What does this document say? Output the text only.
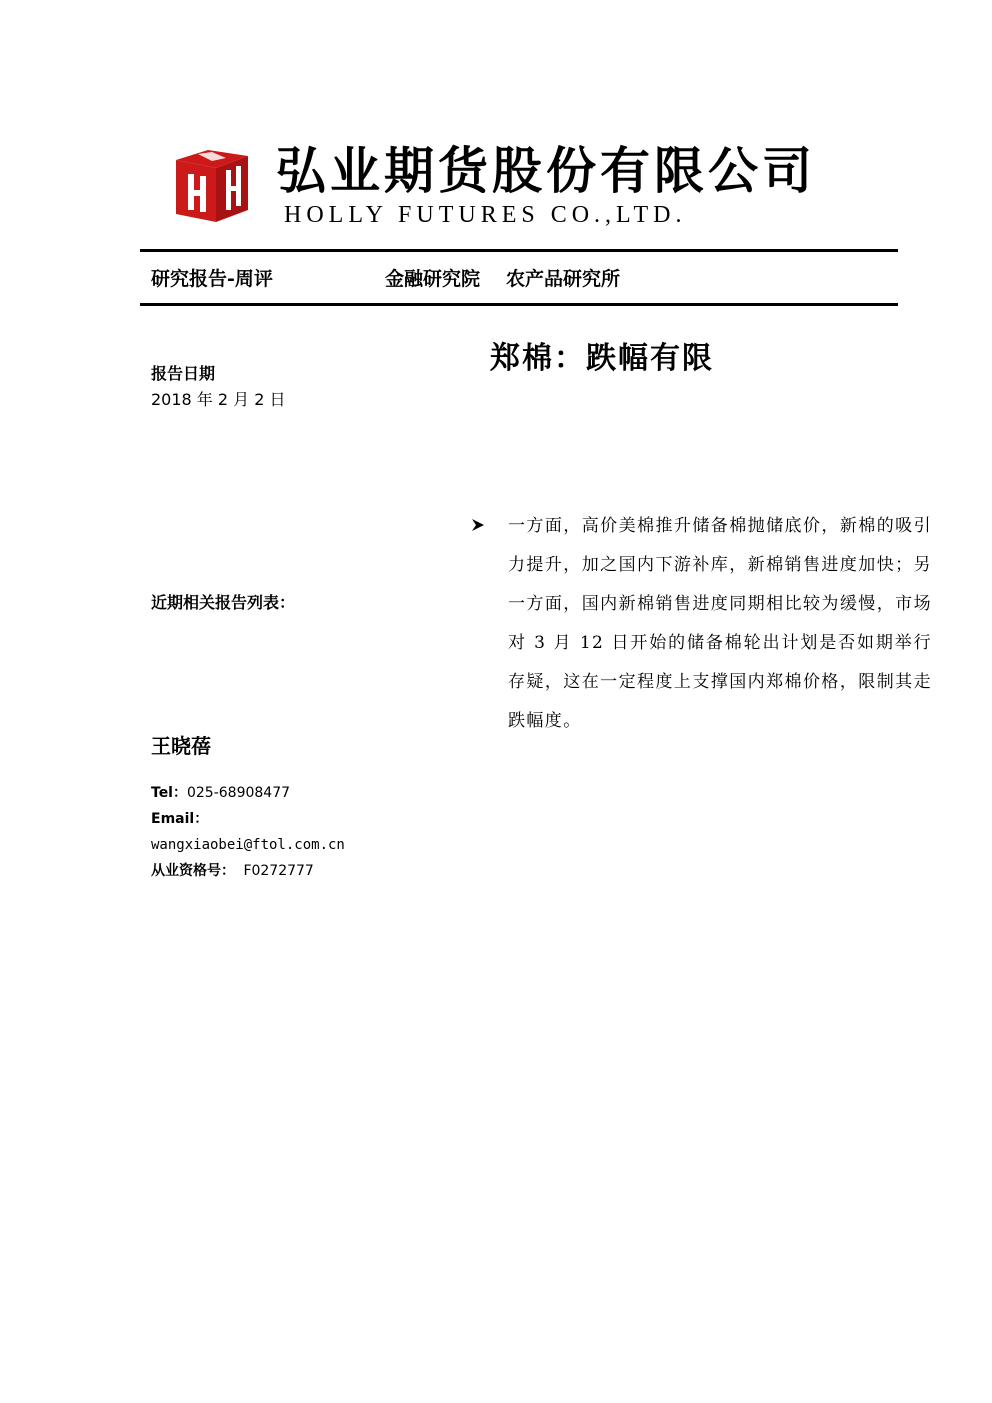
弘业期货股份有限公司
HOLLY FUTURES CO.,LTD.
研究报告-周评	金融研究院 农产品研究所
郑棉：跌幅有限
报告日期
2018 年 2 月 2 日
近期相关报告列表：
王晓蓓
Tel：025-68908477
Email：
wangxiaobei@ftol.com.cn
从业资格号： F0272777
一方面，高价美棉推升储备棉抛储底价，新棉的吸引力提升，加之国内下游补库，新棉销售进度加快；另一方面，国内新棉销售进度同期相比较为缓慢，市场对 3 月 12 日开始的储备棉轮出计划是否如期举行存疑，这在一定程度上支撑国内郑棉价格，限制其走跌幅度。
